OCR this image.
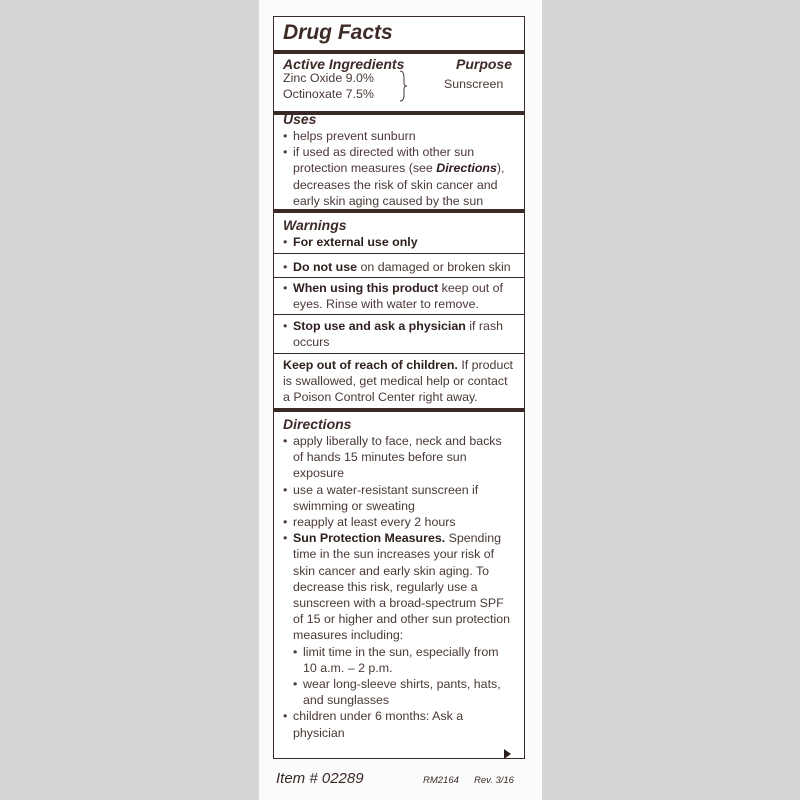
Drug Facts
Active Ingredients	Purpose
Zinc Oxide 9.0%
Octinoxate 7.5%
Sunscreen
Uses
• helps prevent sunburn
• if used as directed with other sun protection measures (see Directions), decreases the risk of skin cancer and early skin aging caused by the sun
Warnings
• For external use only
• Do not use on damaged or broken skin
• When using this product keep out of eyes. Rinse with water to remove.
• Stop use and ask a physician if rash occurs
Keep out of reach of children. If product is swallowed, get medical help or contact a Poison Control Center right away.
Directions
• apply liberally to face, neck and backs of hands 15 minutes before sun exposure
• use a water-resistant sunscreen if swimming or sweating
• reapply at least every 2 hours
• Sun Protection Measures. Spending time in the sun increases your risk of skin cancer and early skin aging. To decrease this risk, regularly use a sunscreen with a broad-spectrum SPF of 15 or higher and other sun protection measures including:
• limit time in the sun, especially from 10 a.m. – 2 p.m.
• wear long-sleeve shirts, pants, hats, and sunglasses
• children under 6 months: Ask a physician
Item # 02289	RM2164 Rev. 3/16
